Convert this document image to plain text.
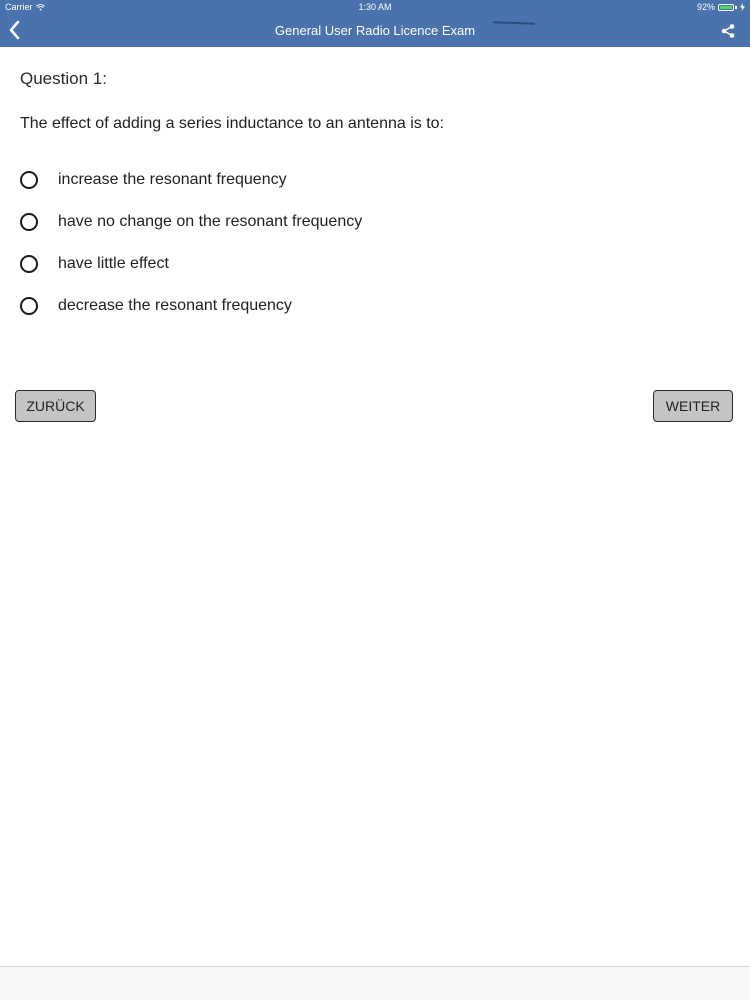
Carrier	1:30 AM	92%
General User Radio Licence Exam
Question 1:
The effect of adding a series inductance to an antenna is to:
increase the resonant frequency
have no change on the resonant frequency
have little effect
decrease the resonant frequency
ZURÜCK	WEITER
